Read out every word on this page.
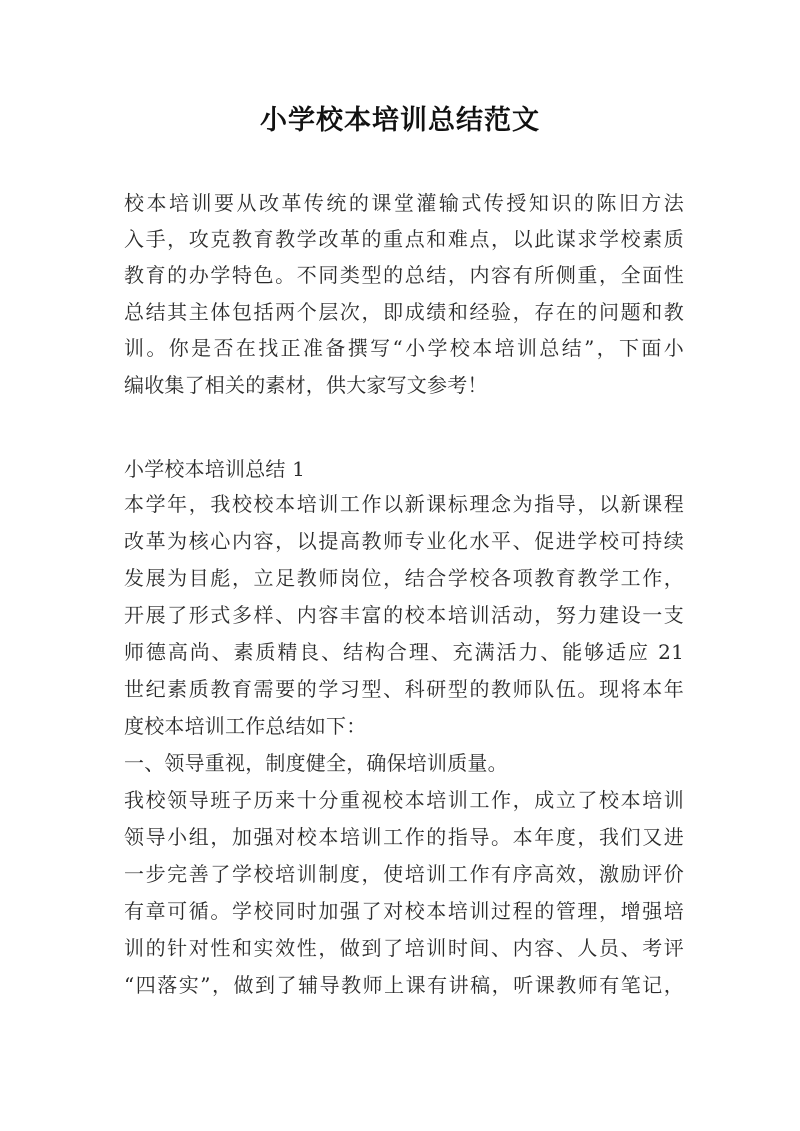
小学校本培训总结范文

校本培训要从改革传统的课堂灌输式传授知识的陈旧方法

入手，攻克教育教学改革的重点和难点，以此谋求学校素质

教育的办学特色。不同类型的总结，内容有所侧重，全面性

总结其主体包括两个层次，即成绩和经验，存在的问题和教

训。你是否在找正准备撰写“小学校本培训总结”，下面小

编收集了相关的素材，供大家写文参考！

小学校本培训总结 1

本学年，我校校本培训工作以新课标理念为指导，以新课程

改革为核心内容，以提高教师专业化水平、促进学校可持续

发展为目彪，立足教师岗位，结合学校各项教育教学工作，

开展了形式多样、内容丰富的校本培训活动，努力建设一支

师德高尚、素质精良、结构合理、充满活力、能够适应 21

世纪素质教育需要的学习型、科研型的教师队伍。现将本年

度校本培训工作总结如下：

一、领导重视，制度健全，确保培训质量。

我校领导班子历来十分重视校本培训工作，成立了校本培训

领导小组，加强对校本培训工作的指导。本年度，我们又进

一步完善了学校培训制度，使培训工作有序高效，激励评价

有章可循。学校同时加强了对校本培训过程的管理，增强培

训的针对性和实效性，做到了培训时间、内容、人员、考评

“四落实”，做到了辅导教师上课有讲稿，听课教师有笔记，
